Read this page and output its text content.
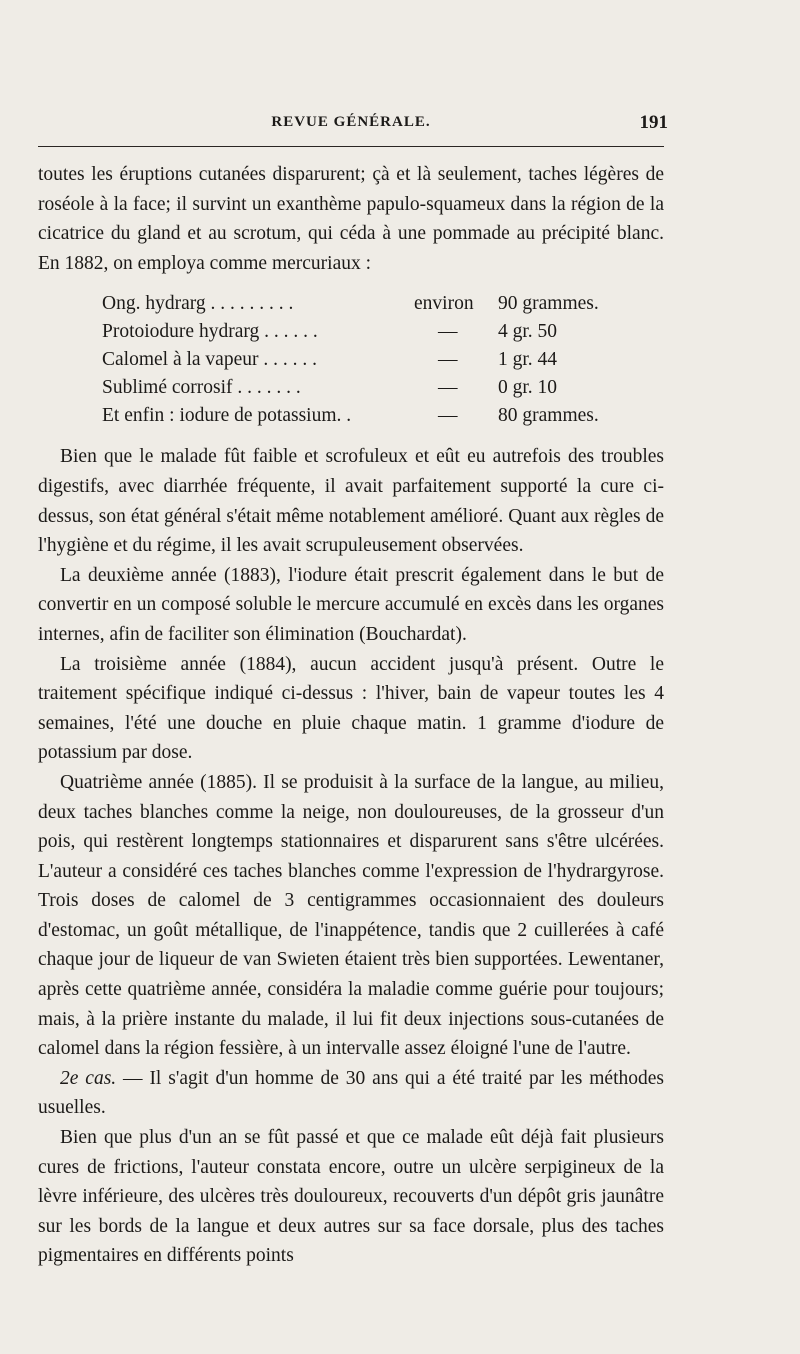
REVUE GÉNÉRALE.	191

toutes les éruptions cutanées disparurent; çà et là seulement, taches légères de roséole à la face; il survint un exanthème papulo-squameux dans la région de la cicatrice du gland et au scrotum, qui céda à une pommade au précipité blanc. En 1882, on employa comme mercuriaux :

Ong. hydrarg . . . . . . . . .	environ	90 grammes.
Protoiodure hydrarg . . . . . .	—	4 gr. 50
Calomel à la vapeur . . . . . .	—	1 gr. 44
Sublimé corrosif . . . . . . .	—	0 gr. 10
Et enfin : iodure de potassium. .	—	80 grammes.

Bien que le malade fût faible et scrofuleux et eût eu autrefois des troubles digestifs, avec diarrhée fréquente, il avait parfaitement supporté la cure ci-dessus, son état général s'était même notablement amélioré. Quant aux règles de l'hygiène et du régime, il les avait scrupuleusement observées.

La deuxième année (1883), l'iodure était prescrit également dans le but de convertir en un composé soluble le mercure accumulé en excès dans les organes internes, afin de faciliter son élimination (Bouchardat).

La troisième année (1884), aucun accident jusqu'à présent. Outre le traitement spécifique indiqué ci-dessus : l'hiver, bain de vapeur toutes les 4 semaines, l'été une douche en pluie chaque matin. 1 gramme d'iodure de potassium par dose.

Quatrième année (1885). Il se produisit à la surface de la langue, au milieu, deux taches blanches comme la neige, non douloureuses, de la grosseur d'un pois, qui restèrent longtemps stationnaires et disparurent sans s'être ulcérées. L'auteur a considéré ces taches blanches comme l'expression de l'hydrargyrose. Trois doses de calomel de 3 centigrammes occasionnaient des douleurs d'estomac, un goût métallique, de l'inappétence, tandis que 2 cuillerées à café chaque jour de liqueur de van Swieten étaient très bien supportées. Lewentaner, après cette quatrième année, considéra la maladie comme guérie pour toujours; mais, à la prière instante du malade, il lui fit deux injections sous-cutanées de calomel dans la région fessière, à un intervalle assez éloigné l'une de l'autre.

2e cas. — Il s'agit d'un homme de 30 ans qui a été traité par les méthodes usuelles.

Bien que plus d'un an se fût passé et que ce malade eût déjà fait plusieurs cures de frictions, l'auteur constata encore, outre un ulcère serpigineux de la lèvre inférieure, des ulcères très douloureux, recouverts d'un dépôt gris jaunâtre sur les bords de la langue et deux autres sur sa face dorsale, plus des taches pigmentaires en différents points
